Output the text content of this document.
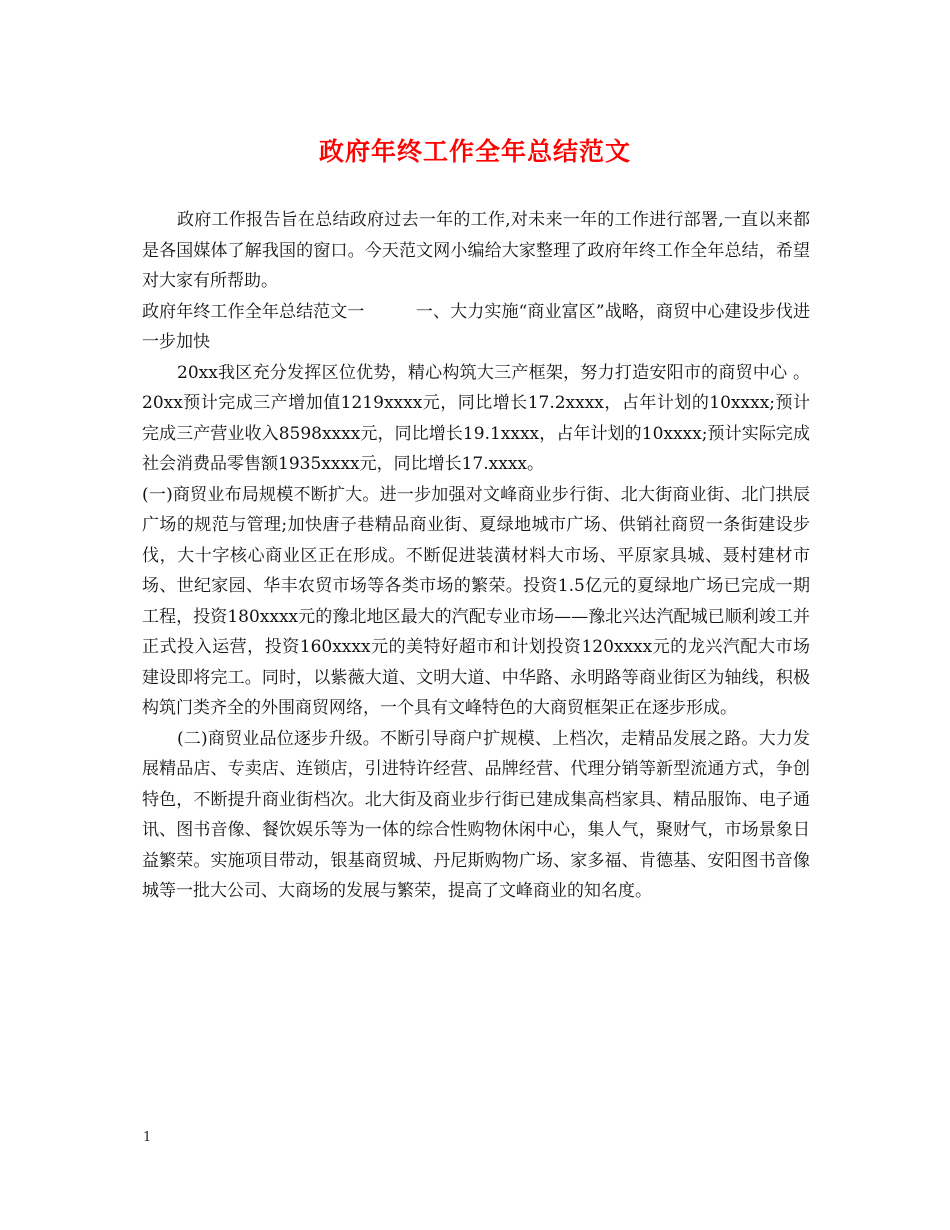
政府年终工作全年总结范文

政府工作报告旨在总结政府过去一年的工作,对未来一年的工作进行部署,一直以来都是各国媒体了解我国的窗口。今天范文网小编给大家整理了政府年终工作全年总结，希望对大家有所帮助。

政府年终工作全年总结范文一　　　一、大力实施“商业富区”战略，商贸中心建设步伐进一步加快

20xx我区充分发挥区位优势，精心构筑大三产框架，努力打造安阳市的商贸中心 。20xx预计完成三产增加值1219xxxx元，同比增长17.2xxxx，占年计划的10xxxx;预计完成三产营业收入8598xxxx元，同比增长19.1xxxx，占年计划的10xxxx;预计实际完成社会消费品零售额1935xxxx元，同比增长17.xxxx。

(一)商贸业布局规模不断扩大。进一步加强对文峰商业步行街、北大街商业街、北门拱辰广场的规范与管理;加快唐子巷精品商业街、夏绿地城市广场、供销社商贸一条街建设步伐，大十字核心商业区正在形成。不断促进装潢材料大市场、平原家具城、聂村建材市场、世纪家园、华丰农贸市场等各类市场的繁荣。投资1.5亿元的夏绿地广场已完成一期工程，投资180xxxx元的豫北地区最大的汽配专业市场——豫北兴达汽配城已顺利竣工并正式投入运营，投资160xxxx元的美特好超市和计划投资120xxxx元的龙兴汽配大市场建设即将完工。同时，以紫薇大道、文明大道、中华路、永明路等商业街区为轴线，积极构筑门类齐全的外围商贸网络，一个具有文峰特色的大商贸框架正在逐步形成。

(二)商贸业品位逐步升级。不断引导商户扩规模、上档次，走精品发展之路。大力发展精品店、专卖店、连锁店，引进特许经营、品牌经营、代理分销等新型流通方式，争创特色，不断提升商业街档次。北大街及商业步行街已建成集高档家具、精品服饰、电子通讯、图书音像、餐饮娱乐等为一体的综合性购物休闲中心，集人气，聚财气，市场景象日益繁荣。实施项目带动，银基商贸城、丹尼斯购物广场、家多福、肯德基、安阳图书音像城等一批大公司、大商场的发展与繁荣，提高了文峰商业的知名度。

1
